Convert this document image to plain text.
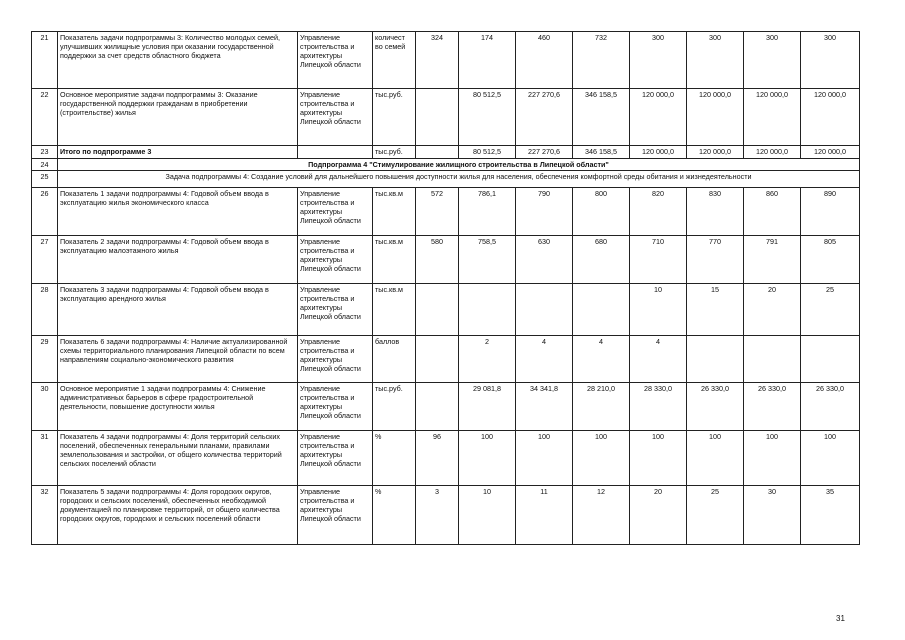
21	Показатель задачи подпрограммы 3: Количество молодых семей, улучшивших жилищные условия при оказании государственной поддержки за счет средств областного бюджета	Управление строительства и архитектуры Липецкой области	количест во семей	324	174	460	732	300	300	300	300
22	Основное мероприятие задачи подпрограммы 3: Оказание государственной поддержки гражданам в приобретении (строительстве) жилья	Управление строительства и архитектуры Липецкой области	тыс.руб.		80 512,5	227 270,6	346 158,5	120 000,0	120 000,0	120 000,0	120 000,0
23	Итого по подпрограмме 3		тыс.руб.		80 512,5	227 270,6	346 158,5	120 000,0	120 000,0	120 000,0	120 000,0
24	Подпрограмма 4 "Стимулирование жилищного строительства в Липецкой области"										
25	Задача подпрограммы 4: Создание условий для дальнейшего повышения доступности жилья для населения, обеспечения комфортной среды обитания и жизнедеятельности										
26	Показатель 1 задачи подпрограммы 4: Годовой объем ввода в эксплуатацию жилья экономического класса	Управление строительства и архитектуры Липецкой области	тыс.кв.м	572	786,1	790	800	820	830	860	890
27	Показатель 2 задачи подпрограммы 4: Годовой объем ввода в эксплуатацию малоэтажного жилья	Управление строительства и архитектуры Липецкой области	тыс.кв.м	580	758,5	630	680	710	770	791	805
28	Показатель 3 задачи подпрограммы 4: Годовой объем ввода в эксплуатацию арендного жилья	Управление строительства и архитектуры Липецкой области	тыс.кв.м					10	15	20	25
29	Показатель 6 задачи подпрограммы 4: Наличие актуализированной схемы территориального планирования Липецкой области по всем направлениям социально-экономического развития	Управление строительства и архитектуры Липецкой области	баллов		2	4	4	4			
30	Основное мероприятие 1 задачи подпрограммы 4: Снижение административных барьеров в сфере градостроительной деятельности, повышение доступности жилья	Управление строительства и архитектуры Липецкой области	тыс.руб.		29 081,8	34 341,8	28 210,0	28 330,0	26 330,0	26 330,0	26 330,0
31	Показатель 4 задачи подпрограммы 4: Доля территорий сельских поселений, обеспеченных генеральными планами, правилами землепользования и застройки, от общего количества территорий сельских поселений области	Управление строительства и архитектуры Липецкой области	%	96	100	100	100	100	100	100	100
32	Показатель 5 задачи подпрограммы 4: Доля городских округов, городских и сельских поселений, обеспеченных необходимой документацией по планировке территорий, от общего количества городских округов, городских и сельских поселений области	Управление строительства и архитектуры Липецкой области	%	3	10	11	12	20	25	30	35
31
